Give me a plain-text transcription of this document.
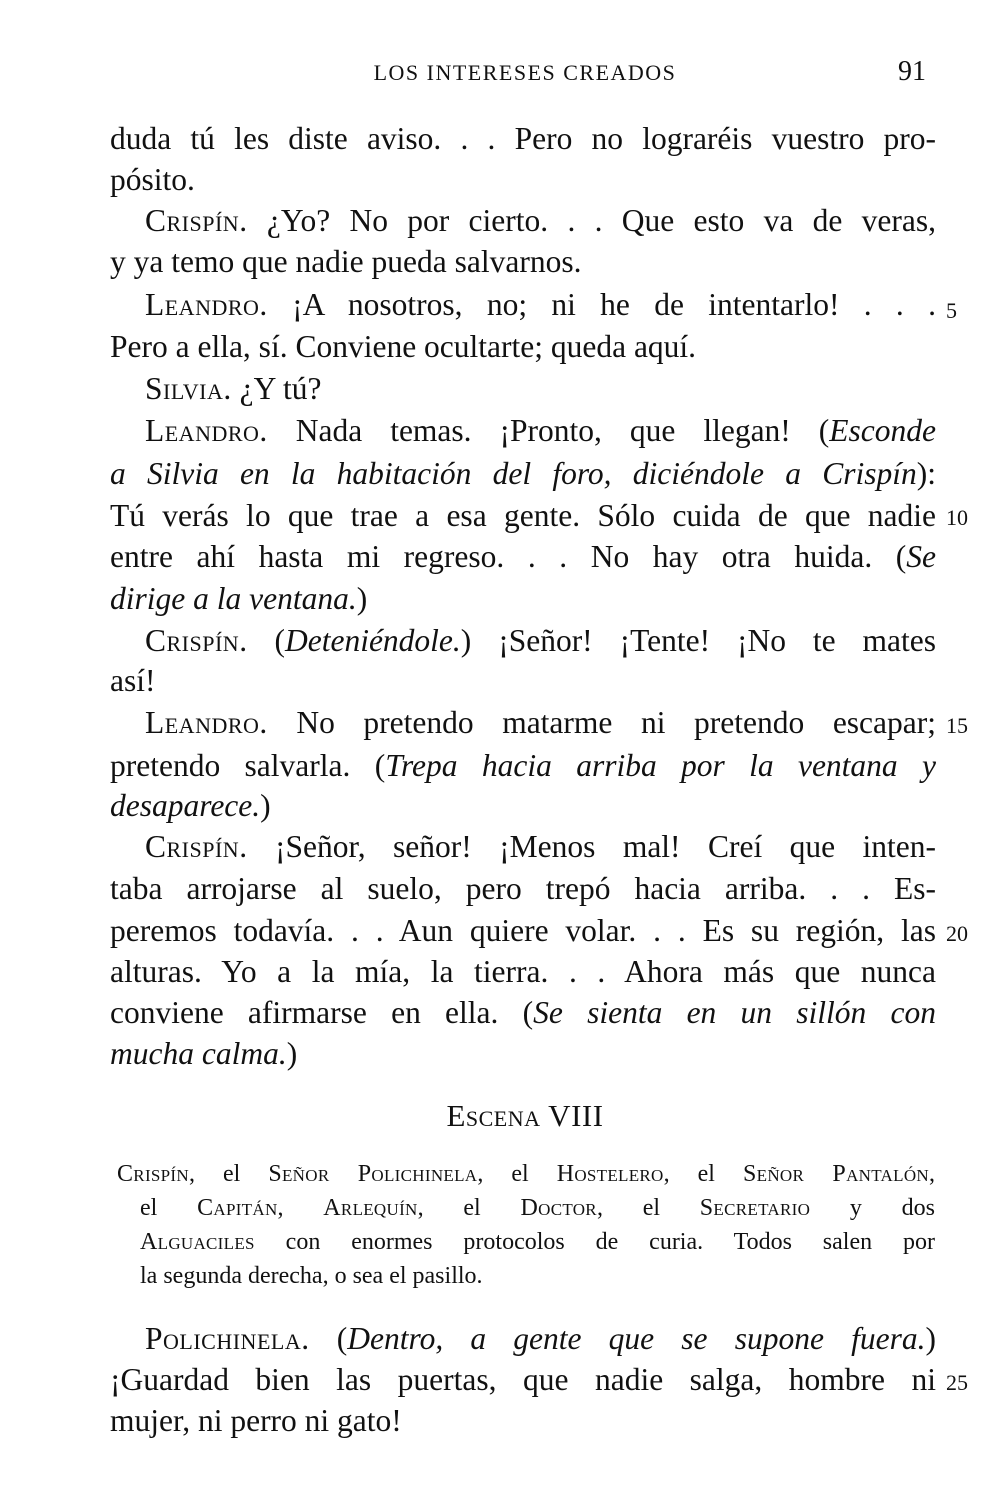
LOS INTERESES CREADOS	91
duda tú les diste aviso. . . Pero no lograréis vuestro pro-
pósito.
Crispín. ¿Yo? No por cierto. . . Que esto va de veras,
y ya temo que nadie pueda salvarnos.
Leandro. ¡A nosotros, no; ni he de intentarlo! . . . 5
Pero a ella, sí. Conviene ocultarte; queda aquí.
Silvia. ¿Y tú?
Leandro. Nada temas. ¡Pronto, que llegan! (Esconde
a Silvia en la habitación del foro, diciéndole a Crispín):
Tú verás lo que trae a esa gente. Sólo cuida de que nadie 10
entre ahí hasta mi regreso. . . No hay otra huida. (Se
dirige a la ventana.)
Crispín. (Deteniéndole.) ¡Señor! ¡Tente! ¡No te mates
así!
Leandro. No pretendo matarme ni pretendo escapar; 15
pretendo salvarla. (Trepa hacia arriba por la ventana y
desaparece.)
Crispín. ¡Señor, señor! ¡Menos mal! Creí que inten-
taba arrojarse al suelo, pero trepó hacia arriba. . . Es-
peremos todavía. . . Aun quiere volar. . . Es su región, las 20
alturas. Yo a la mía, la tierra. . . Ahora más que nunca
conviene afirmarse en ella. (Se sienta en un sillón con
mucha calma.)
Escena VIII
Crispín, el Señor Polichinela, el Hostelero, el Señor Pantalón,
el Capitán, Arlequín, el Doctor, el Secretario y dos
Alguaciles con enormes protocolos de curia. Todos salen por
la segunda derecha, o sea el pasillo.
Polichinela. (Dentro, a gente que se supone fuera.)
¡Guardad bien las puertas, que nadie salga, hombre ni 25
mujer, ni perro ni gato!
